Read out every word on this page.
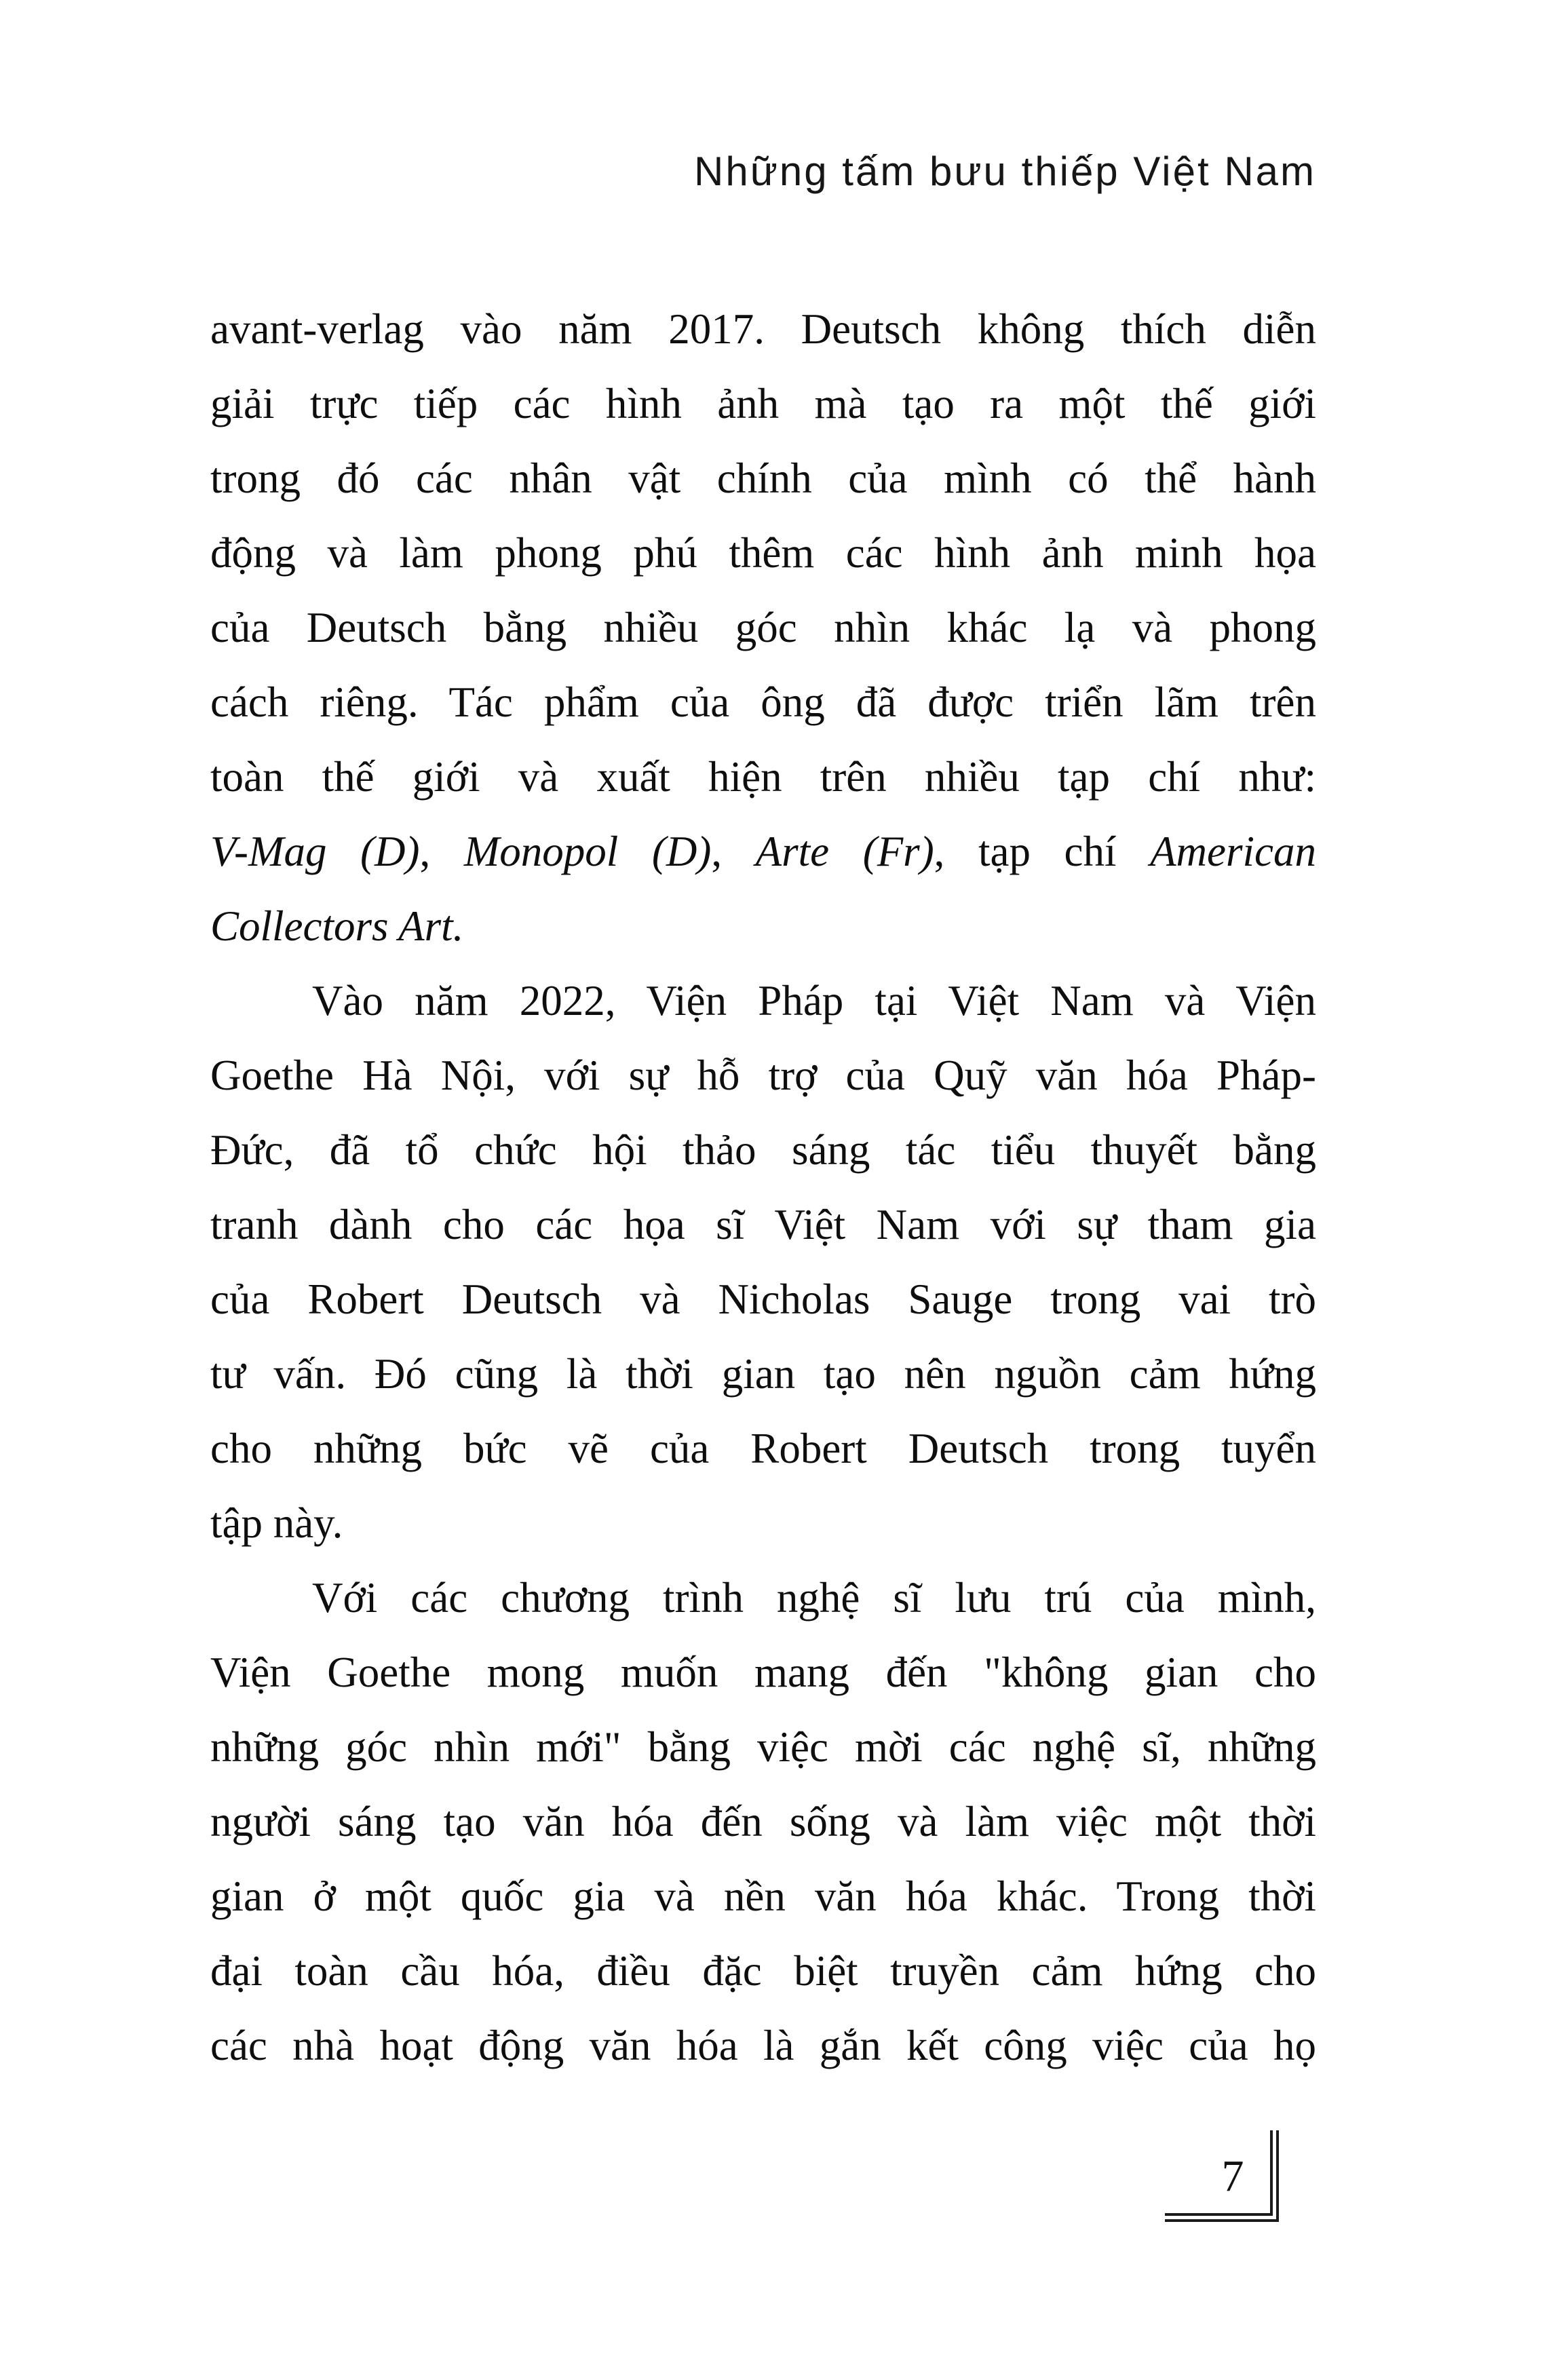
Những tấm bưu thiếp Việt Nam
avant-verlag vào năm 2017. Deutsch không thích diễn
giải trực tiếp các hình ảnh mà tạo ra một thế giới
trong đó các nhân vật chính của mình có thể hành
động và làm phong phú thêm các hình ảnh minh họa
của Deutsch bằng nhiều góc nhìn khác lạ và phong
cách riêng. Tác phẩm của ông đã được triển lãm trên
toàn thế giới và xuất hiện trên nhiều tạp chí như:
V-Mag (D), Monopol (D), Arte (Fr), tạp chí American
Collectors Art.
Vào năm 2022, Viện Pháp tại Việt Nam và Viện
Goethe Hà Nội, với sự hỗ trợ của Quỹ văn hóa Pháp-
Đức, đã tổ chức hội thảo sáng tác tiểu thuyết bằng
tranh dành cho các họa sĩ Việt Nam với sự tham gia
của Robert Deutsch và Nicholas Sauge trong vai trò
tư vấn. Đó cũng là thời gian tạo nên nguồn cảm hứng
cho những bức vẽ của Robert Deutsch trong tuyển
tập này.
Với các chương trình nghệ sĩ lưu trú của mình,
Viện Goethe mong muốn mang đến "không gian cho
những góc nhìn mới" bằng việc mời các nghệ sĩ, những
người sáng tạo văn hóa đến sống và làm việc một thời
gian ở một quốc gia và nền văn hóa khác. Trong thời
đại toàn cầu hóa, điều đặc biệt truyền cảm hứng cho
các nhà hoạt động văn hóa là gắn kết công việc của họ
7
